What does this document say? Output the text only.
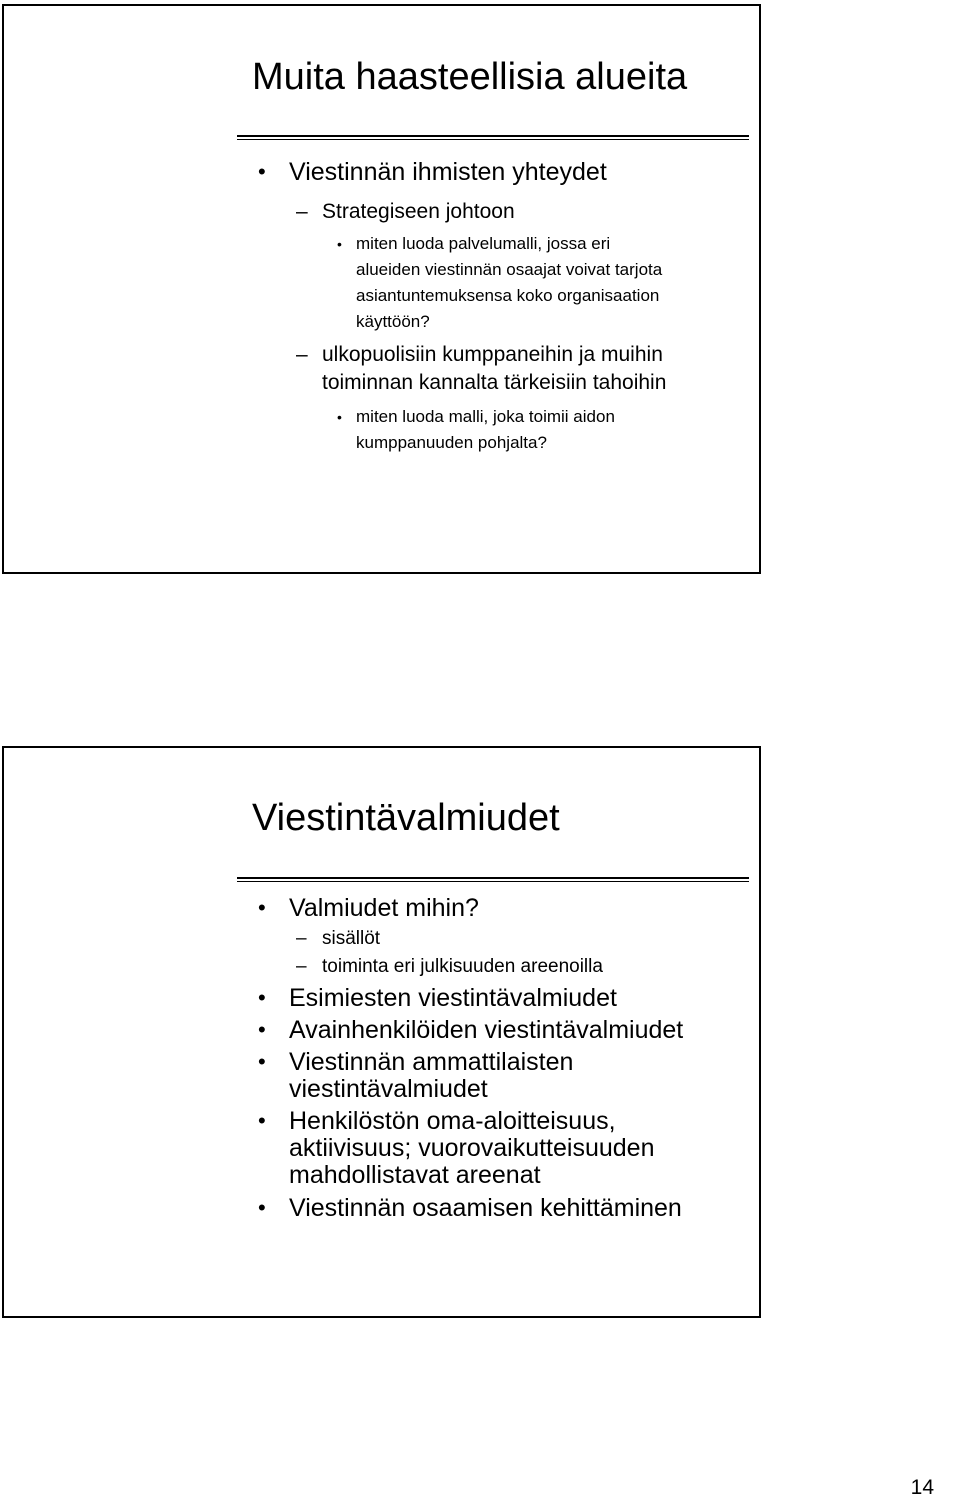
Muita haasteellisia alueita
• Viestinnän ihmisten yhteydet
– Strategiseen johtoon
• miten luoda palvelumalli, jossa eri
alueiden viestinnän osaajat voivat tarjota
asiantuntemuksensa koko organisaation
käyttöön?
– ulkopuolisiin kumppaneihin ja muihin
toiminnan kannalta tärkeisiin tahoihin
• miten luoda malli, joka toimii aidon
kumppanuuden pohjalta?
Viestintävalmiudet
• Valmiudet mihin?
– sisällöt
– toiminta eri julkisuuden areenoilla
• Esimiesten viestintävalmiudet
• Avainhenkilöiden viestintävalmiudet
• Viestinnän ammattilaisten
viestintävalmiudet
• Henkilöstön oma-aloitteisuus,
aktiivisuus; vuorovaikutteisuuden
mahdollistavat areenat
• Viestinnän osaamisen kehittäminen
14
